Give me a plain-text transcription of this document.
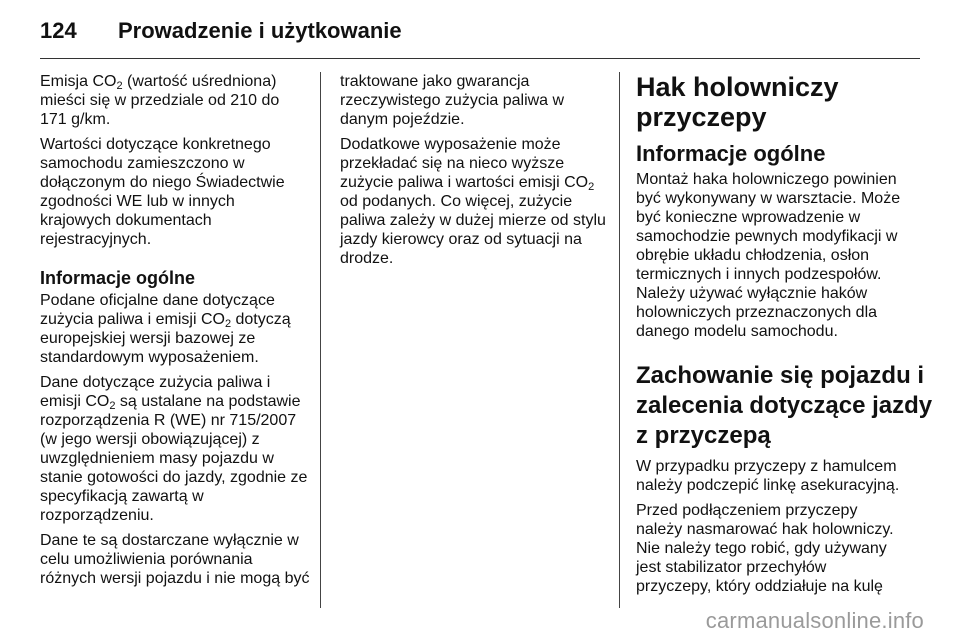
124	Prowadzenie i użytkowanie

Emisja $CO_2$ (wartość uśredniona)
mieści się w przedziale od 210 do
171 g/km.

Wartości dotyczące konkretnego
samochodu zamieszczono w
dołączonym do niego Świadectwie
zgodności WE lub w innych
krajowych dokumentach
rejestracyjnych.

Informacje ogólne

Podane oficjalne dane dotyczące
zużycia paliwa i emisji $CO_2$ dotyczą
europejskiej wersji bazowej ze
standardowym wyposażeniem.

Dane dotyczące zużycia paliwa i
emisji $CO_2$ są ustalane na podstawie
rozporządzenia R (WE) nr 715/2007
(w jego wersji obowiązującej) z
uwzględnieniem masy pojazdu w
stanie gotowości do jazdy, zgodnie ze
specyfikacją zawartą w
rozporządzeniu.

Dane te są dostarczane wyłącznie w
celu umożliwienia porównania
różnych wersji pojazdu i nie mogą być

traktowane jako gwarancja
rzeczywistego zużycia paliwa w
danym pojeździe.

Dodatkowe wyposażenie może
przekładać się na nieco wyższe
zużycie paliwa i wartości emisji $CO_2$
od podanych. Co więcej, zużycie
paliwa zależy w dużej mierze od stylu
jazdy kierowcy oraz od sytuacji na
drodze.

Hak holowniczy
przyczepy
Informacje ogólne

Montaż haka holowniczego powinien
być wykonywany w warsztacie. Może
być konieczne wprowadzenie w
samochodzie pewnych modyfikacji w
obrębie układu chłodzenia, osłon
termicznych i innych podzespołów.
Należy używać wyłącznie haków
holowniczych przeznaczonych dla
danego modelu samochodu.

Zachowanie się pojazdu i
zalecenia dotyczące jazdy
z przyczepą

W przypadku przyczepy z hamulcem
należy podczepić linkę asekuracyjną.

Przed podłączeniem przyczepy
należy nasmarować hak holowniczy.
Nie należy tego robić, gdy używany
jest stabilizator przechyłów
przyczepy, który oddziałuje na kulę

carmanualsonline.info
